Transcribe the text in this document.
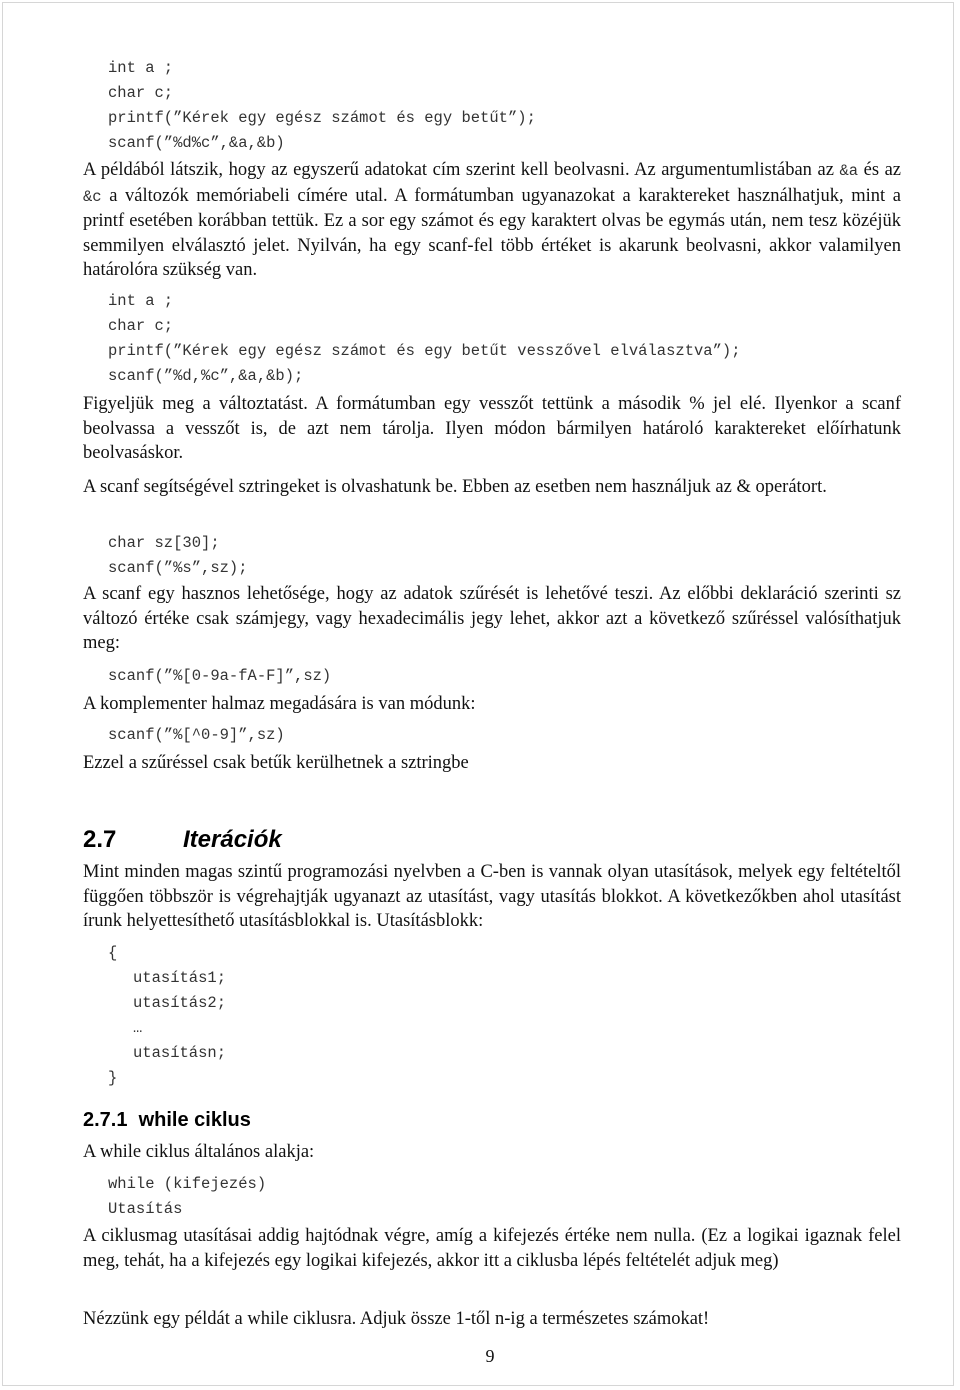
int a ;
char c;
printf(”Kérek egy egész számot és egy betűt”);
scanf(”%d%c”,&a,&b)

A példából látszik, hogy az egyszerű adatokat cím szerint kell beolvasni. Az argumentumlistában az &a és az &c a változók memóriabeli címére utal. A formátumban ugyanazokat a karaktereket használhatjuk, mint a printf esetében korábban tettük. Ez a sor egy számot és egy karaktert olvas be egymás után, nem tesz közéjük semmilyen elválasztó jelet. Nyilván, ha egy scanf-fel több értéket is akarunk beolvasni, akkor valamilyen határolóra szükség van.

int a ;
char c;
printf(”Kérek egy egész számot és egy betűt vesszővel elválasztva”);
scanf(”%d,%c”,&a,&b);

Figyeljük meg a változtatást. A formátumban egy vesszőt tettünk a második % jel elé. Ilyenkor a scanf beolvassa a vesszőt is, de azt nem tárolja. Ilyen módon bármilyen határoló karaktereket előírhatunk beolvasáskor.

A scanf segítségével sztringeket is olvashatunk be. Ebben az esetben nem használjuk az & operátort.

char sz[30];
scanf(”%s”,sz);

A scanf egy hasznos lehetősége, hogy az adatok szűrését is lehetővé teszi. Az előbbi deklaráció szerinti sz változó értéke csak számjegy, vagy hexadecimális jegy lehet, akkor azt a következő szűréssel valósíthatjuk meg:

scanf(”%[0-9a-fA-F]”,sz)

A komplementer halmaz megadására is van módunk:

scanf(”%[^0-9]”,sz)

Ezzel a szűréssel csak betűk kerülhetnek a sztringbe

2.7	Iterációk

Mint minden magas szintű programozási nyelvben a C-ben is vannak olyan utasítások, melyek egy feltételtől függően többször is végrehajtják ugyanazt az utasítást, vagy utasítás blokkot. A következőkben ahol utasítást írunk helyettesíthető utasításblokkal is. Utasításblokk:

{
utasítás1;
utasítás2;
…
utasításn;
}
2.7.1  while ciklus

A while ciklus általános alakja:

while (kifejezés)
Utasítás

A ciklusmag utasításai addig hajtódnak végre, amíg a kifejezés értéke nem nulla. (Ez a logikai igaznak felel meg, tehát, ha a kifejezés egy logikai kifejezés, akkor itt a ciklusba lépés feltételét adjuk meg)

Nézzünk egy példát a while ciklusra. Adjuk össze 1-től n-ig a természetes számokat!

9
